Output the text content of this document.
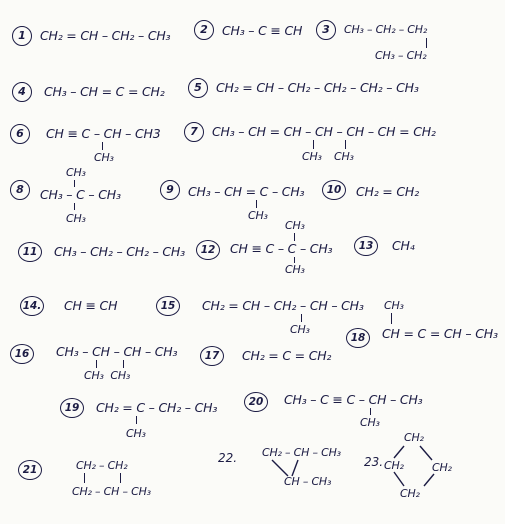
1	CH₂ = CH – CH₂ – CH₃	2	CH₃ – C ≡ CH	3	CH₃ – CH₂ – CH₂
CH₃ – CH₂
4	CH₃ – CH = C = CH₂	5	CH₂ = CH – CH₂ – CH₂ – CH₂ – CH₃
6	CH ≡ C – CH – CH3
CH₃
7	CH₃ – CH = CH – CH – CH – CH = CH₂
CH₃ CH₃
8
CH₃
CH₃ – C – CH₃
CH₃
9	CH₃ – CH = C – CH₃
CH₃
10	CH₂ = CH₂
11	CH₃ – CH₂ – CH₂ – CH₃	12
CH₃
CH ≡ C – C – CH₃
CH₃
13	CH₄
14. CH ≡ CH	15	CH₂ = CH – CH₂ – CH – CH₃
CH₃
18
CH₃
CH = C = CH – CH₃
16	CH₃ – CH – CH – CH₃
CH₃  CH₃
17	CH₂ = C = CH₂
19	CH₂ = C – CH₂ – CH₃
CH₃
20	CH₃ – C ≡ C – CH – CH₃
CH₃
21	CH₂ – CH₂
CH₂ – CH – CH₃
22. CH₂ – CH – CH₃
CH – CH₃
23.
CH₂
CH₂	CH₂
CH₂
